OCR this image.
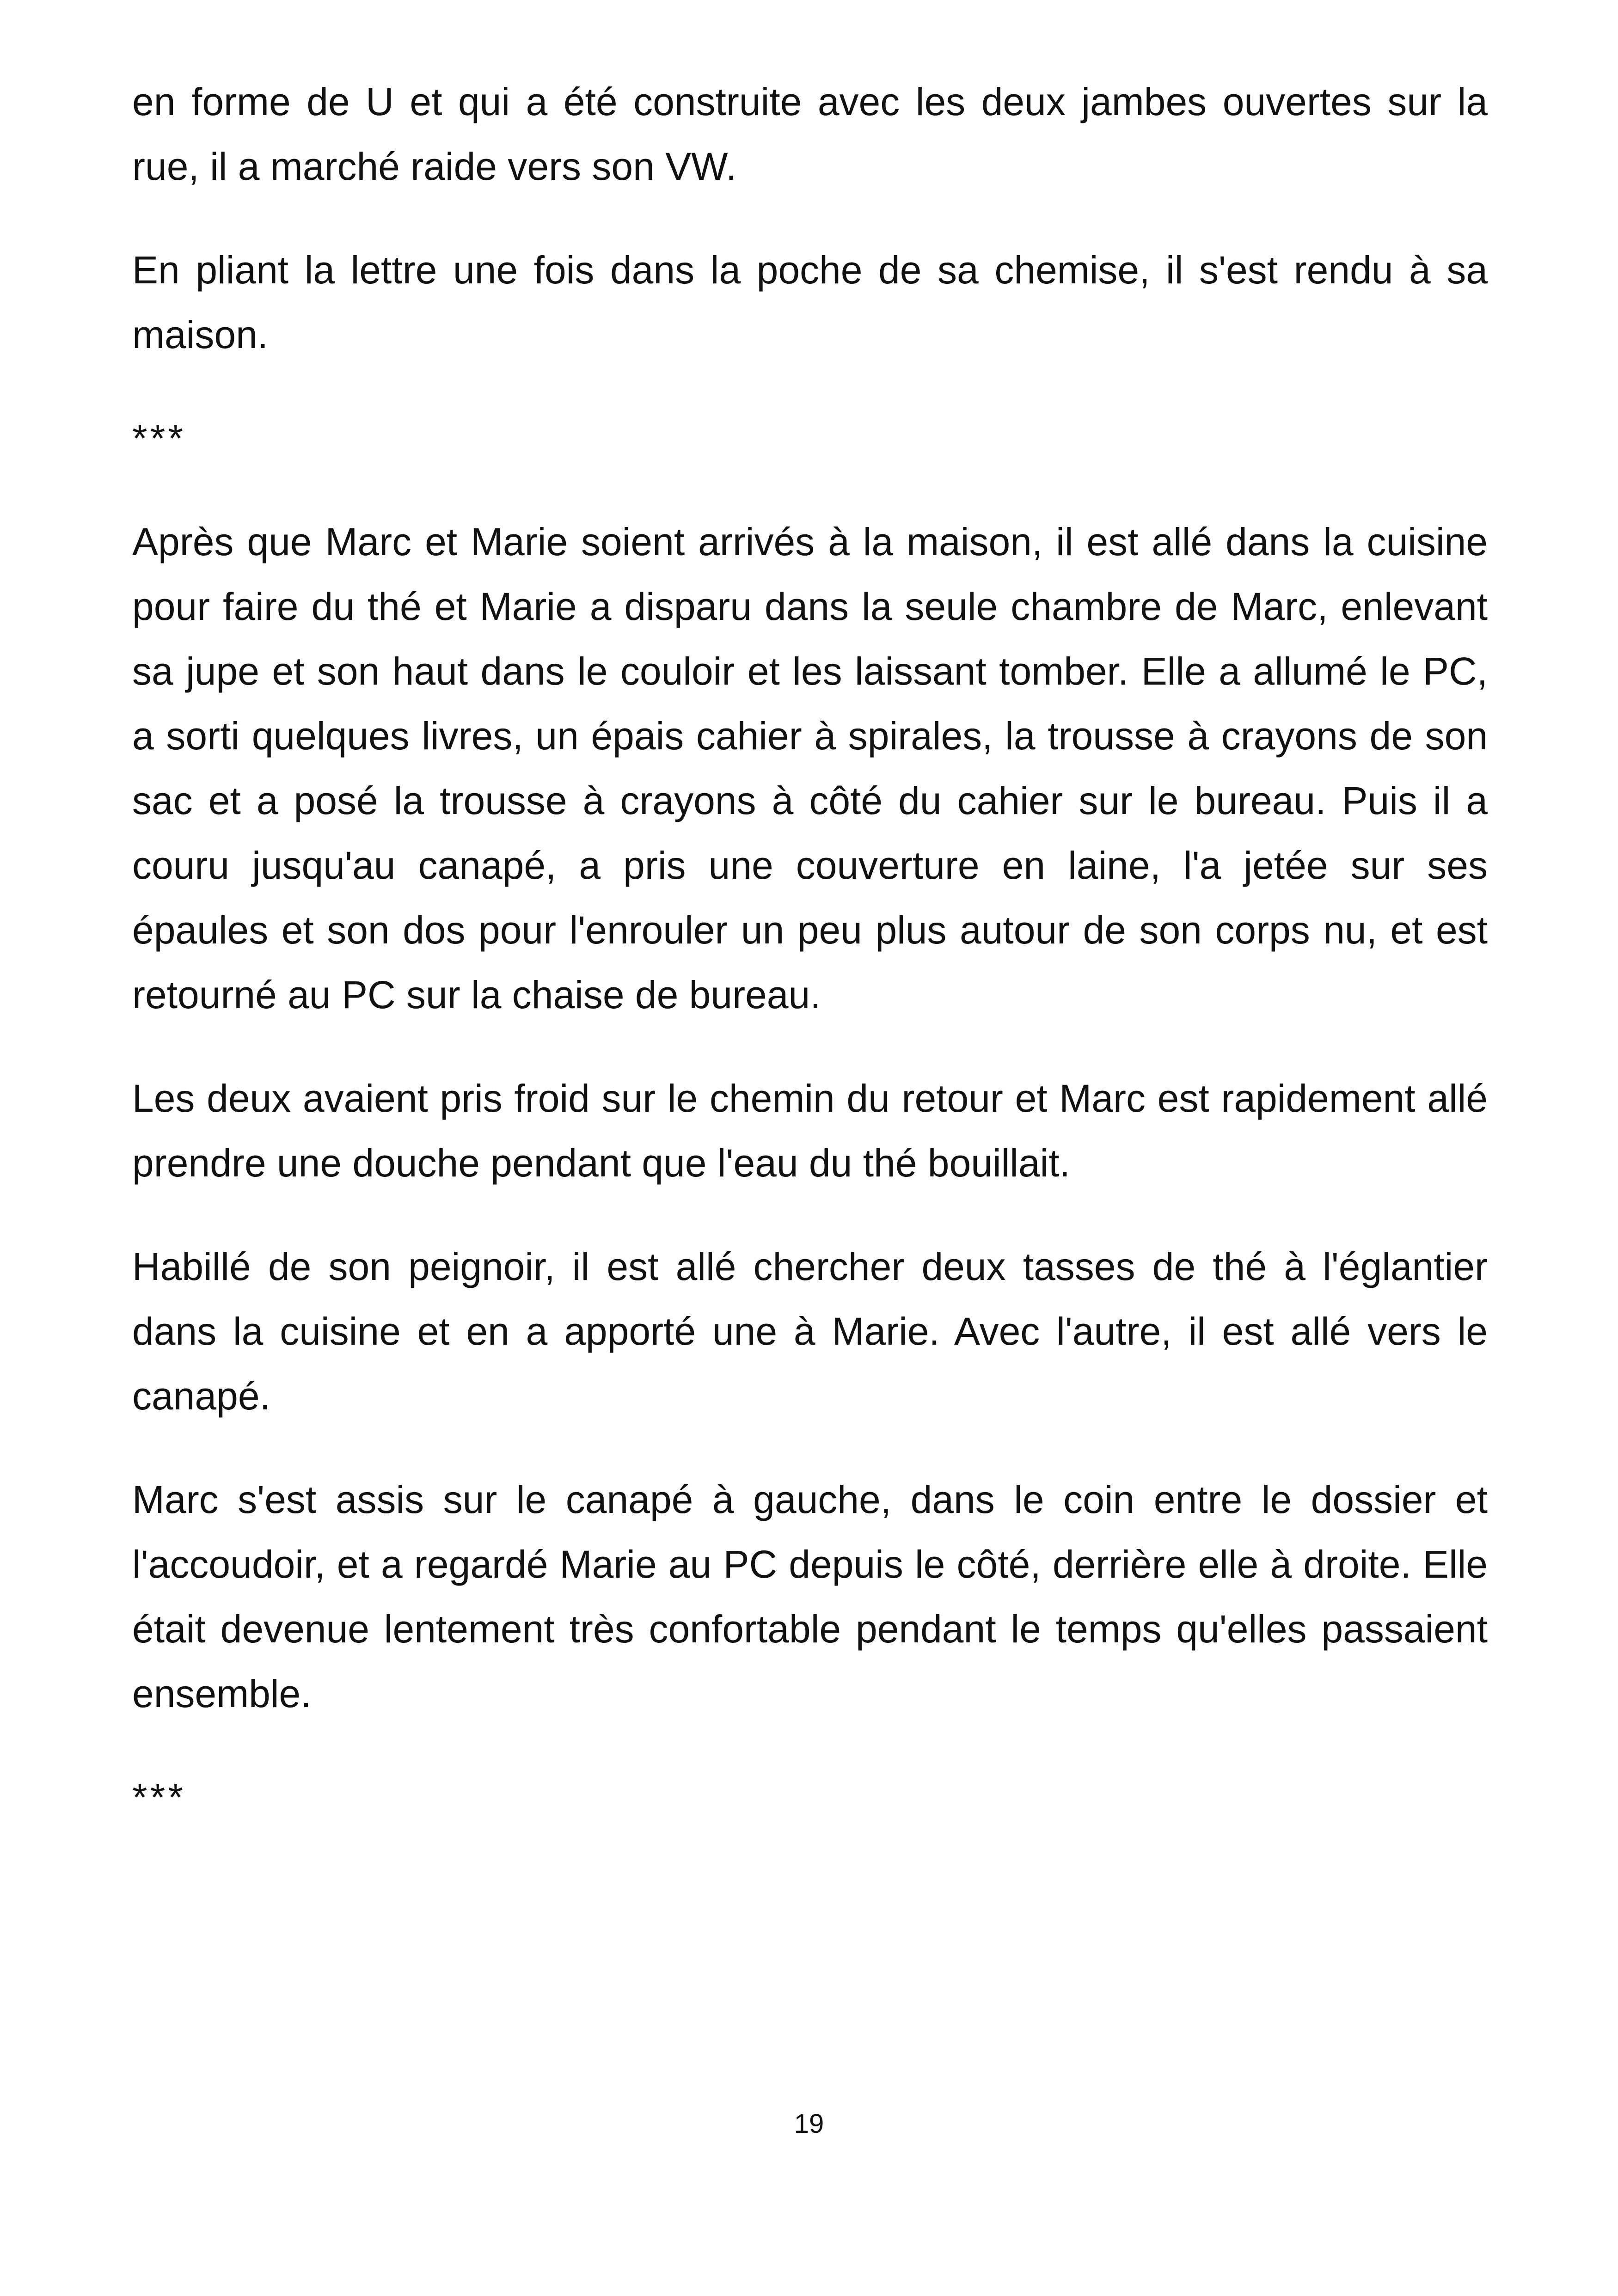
en forme de U et qui a été construite avec les deux jambes ouvertes sur la rue, il a marché raide vers son VW.

En pliant la lettre une fois dans la poche de sa chemise, il s'est rendu à sa maison.

***

Après que Marc et Marie soient arrivés à la maison, il est allé dans la cuisine pour faire du thé et Marie a disparu dans la seule chambre de Marc, enlevant sa jupe et son haut dans le couloir et les laissant tomber. Elle a allumé le PC, a sorti quelques livres, un épais cahier à spirales, la trousse à crayons de son sac et a posé la trousse à crayons à côté du cahier sur le bureau. Puis il a couru jusqu'au canapé, a pris une couverture en laine, l'a jetée sur ses épaules et son dos pour l'enrouler un peu plus autour de son corps nu, et est retourné au PC sur la chaise de bureau.

Les deux avaient pris froid sur le chemin du retour et Marc est rapidement allé prendre une douche pendant que l'eau du thé bouillait.

Habillé de son peignoir, il est allé chercher deux tasses de thé à l'églantier dans la cuisine et en a apporté une à Marie. Avec l'autre, il est allé vers le canapé.

Marc s'est assis sur le canapé à gauche, dans le coin entre le dossier et l'accoudoir, et a regardé Marie au PC depuis le côté, derrière elle à droite. Elle était devenue lentement très confortable pendant le temps qu'elles passaient ensemble.

***

19
